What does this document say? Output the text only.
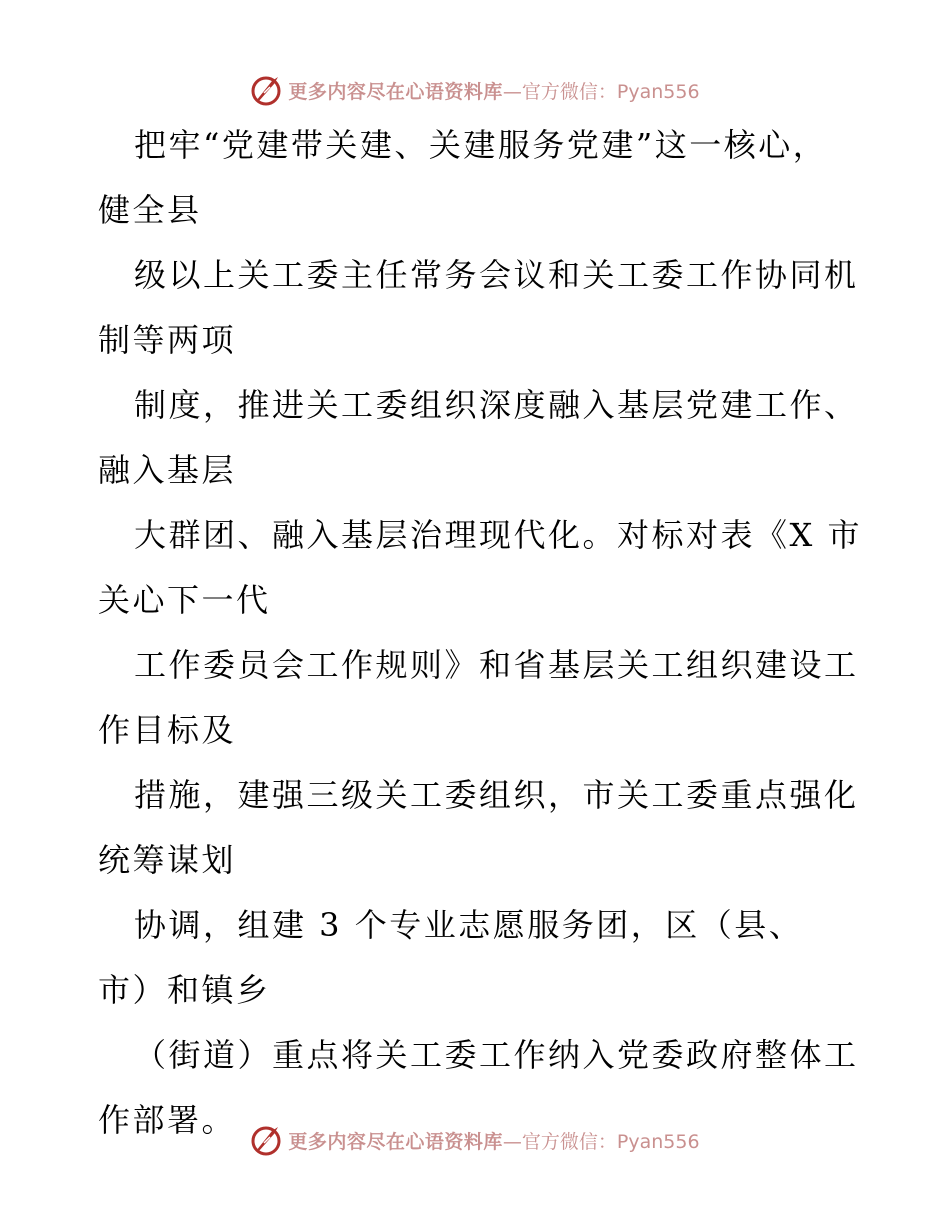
更多内容尽在心语资料库 —官方微信：Pyan556
把牢“党建带关建、关建服务党建”这一核心，
健全县
级以上关工委主任常务会议和关工委工作协同机
制等两项
制度，推进关工委组织深度融入基层党建工作、
融入基层
大群团、融入基层治理现代化。对标对表《X 市
关心下一代
工作委员会工作规则》和省基层关工组织建设工
作目标及
措施，建强三级关工委组织，市关工委重点强化
统筹谋划
协调，组建 3 个专业志愿服务团，区（县、
市）和镇乡
（街道）重点将关工委工作纳入党委政府整体工
作部署。
更多内容尽在心语资料库 —官方微信：Pyan556
